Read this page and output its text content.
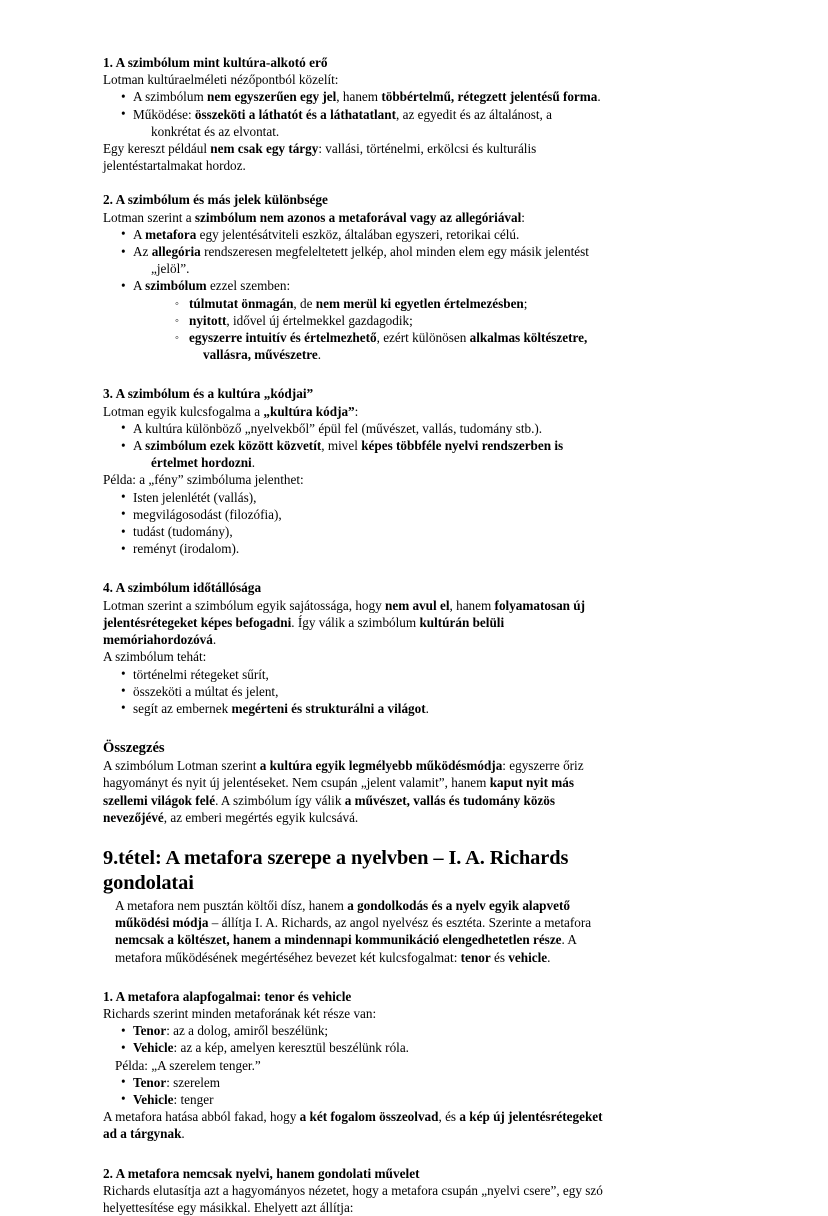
1. A szimbólum mint kultúra-alkotó erő

Lotman kultúraelméleti nézőpontból közelít:

• A szimbólum nem egyszerűen egy jel, hanem többértelmű, rétegzett jelentésű forma.
• Működése: összeköti a láthatót és a láthatatlant, az egyedit és az általánost, a
konkrétat és az elvontat.

Egy kereszt például nem csak egy tárgy: vallási, történelmi, erkölcsi és kulturális jelentéstartalmakat hordoz.

2. A szimbólum és más jelek különbsége

Lotman szerint a szimbólum nem azonos a metaforával vagy az allegóriával:

• A metafora egy jelentésátviteli eszköz, általában egyszeri, retorikai célú.
• Az allegória rendszeresen megfeleltetett jelkép, ahol minden elem egy másik jelentést
„jelöl”.
• A szimbólum ezzel szemben:
◦ túlmutat önmagán, de nem merül ki egyetlen értelmezésben;
◦ nyitott, idővel új értelmekkel gazdagodik;
◦ egyszerre intuitív és értelmezhető, ezért különösen alkalmas költészetre,
vallásra, művészetre.
3. A szimbólum és a kultúra „kódjai”

Lotman egyik kulcsfogalma a „kultúra kódja”:

• A kultúra különböző „nyelvekből” épül fel (művészet, vallás, tudomány stb.).
• A szimbólum ezek között közvetít, mivel képes többféle nyelvi rendszerben is
értelmet hordozni.

Példa: a „fény” szimbóluma jelenthet:

• Isten jelenlétét (vallás),
• megvilágosodást (filozófia),
• tudást (tudomány),
• reményt (irodalom).
4. A szimbólum időtállósága

Lotman szerint a szimbólum egyik sajátossága, hogy nem avul el, hanem folyamatosan új jelentésrétegeket képes befogadni. Így válik a szimbólum kultúrán belüli memóriahordozóvá.

A szimbólum tehát:

• történelmi rétegeket sűrít,
• összeköti a múltat és jelent,
• segít az embernek megérteni és strukturálni a világot.
Összegzés

A szimbólum Lotman szerint a kultúra egyik legmélyebb működésmódja: egyszerre őriz hagyományt és nyit új jelentéseket. Nem csupán „jelent valamit”, hanem kaput nyit más szellemi világok felé. A szimbólum így válik a művészet, vallás és tudomány közös nevezőjévé, az emberi megértés egyik kulcsává.

9.tétel: A metafora szerepe a nyelvben – I. A. Richards gondolatai

A metafora nem pusztán költői dísz, hanem a gondolkodás és a nyelv egyik alapvető működési módja – állítja I. A. Richards, az angol nyelvész és esztéta. Szerinte a metafora nemcsak a költészet, hanem a mindennapi kommunikáció elengedhetetlen része. A metafora működésének megértéséhez bevezet két kulcsfogalmat: tenor és vehicle.

1. A metafora alapfogalmai: tenor és vehicle

Richards szerint minden metaforának két része van:

• Tenor: az a dolog, amiről beszélünk;
• Vehicle: az a kép, amelyen keresztül beszélünk róla.

Példa: „A szerelem tenger.”

• Tenor: szerelem
• Vehicle: tenger

A metafora hatása abból fakad, hogy a két fogalom összeolvad, és a kép új jelentésrétegeket ad a tárgynak.

2. A metafora nemcsak nyelvi, hanem gondolati művelet

Richards elutasítja azt a hagyományos nézetet, hogy a metafora csupán „nyelvi csere”, egy szó helyettesítése egy másikkal. Ehelyett azt állítja:
